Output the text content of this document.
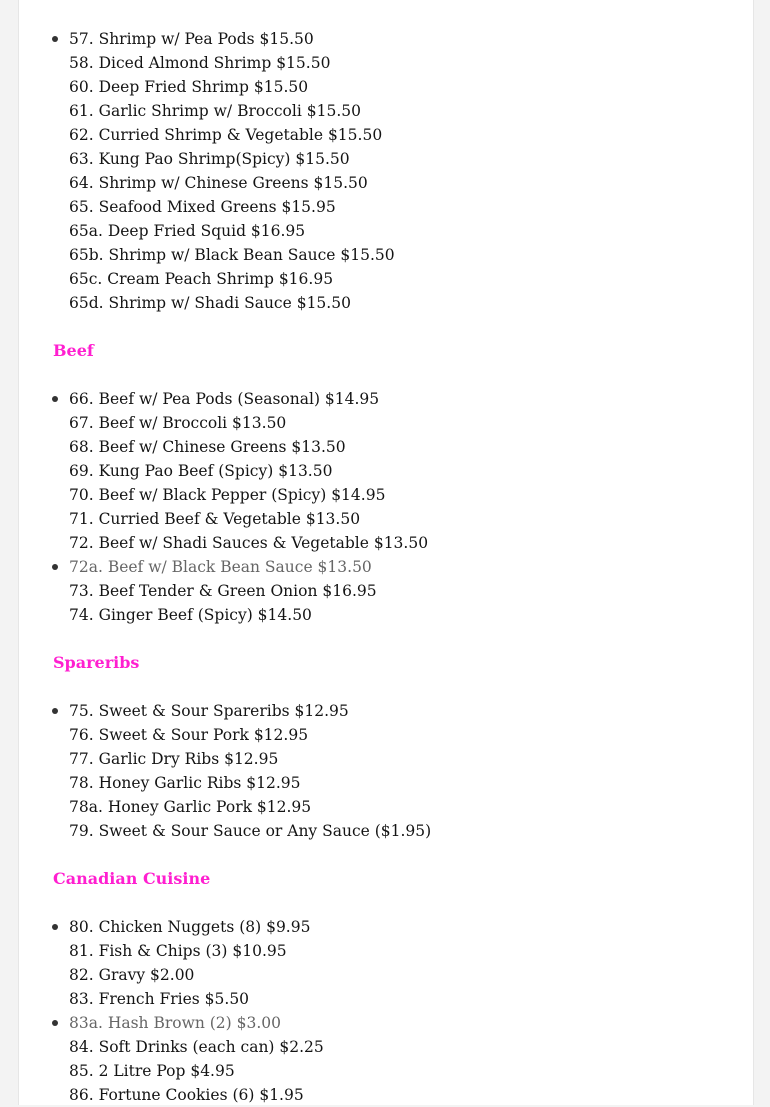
57. Shrimp w/ Pea Pods $15.50
58. Diced Almond Shrimp $15.50
60. Deep Fried Shrimp $15.50
61. Garlic Shrimp w/ Broccoli $15.50
62. Curried Shrimp & Vegetable $15.50
63. Kung Pao Shrimp(Spicy) $15.50
64. Shrimp w/ Chinese Greens $15.50
65. Seafood Mixed Greens $15.95
65a. Deep Fried Squid $16.95
65b. Shrimp w/ Black Bean Sauce $15.50
65c. Cream Peach Shrimp $16.95
65d. Shrimp w/ Shadi Sauce $15.50
Beef
66. Beef w/ Pea Pods (Seasonal) $14.95
67. Beef w/ Broccoli $13.50
68. Beef w/ Chinese Greens $13.50
69. Kung Pao Beef (Spicy) $13.50
70. Beef w/ Black Pepper (Spicy) $14.95
71. Curried Beef & Vegetable $13.50
72. Beef w/ Shadi Sauces & Vegetable $13.50
72a. Beef w/ Black Bean Sauce $13.50
73. Beef Tender & Green Onion $16.95
74. Ginger Beef (Spicy) $14.50
Spareribs
75. Sweet & Sour Spareribs $12.95
76. Sweet & Sour Pork $12.95
77. Garlic Dry Ribs $12.95
78. Honey Garlic Ribs $12.95
78a. Honey Garlic Pork $12.95
79. Sweet & Sour Sauce or Any Sauce ($1.95)
Canadian Cuisine
80. Chicken Nuggets (8) $9.95
81. Fish & Chips (3) $10.95
82. Gravy $2.00
83. French Fries $5.50
83a. Hash Brown (2) $3.00
84. Soft Drinks (each can) $2.25
85. 2 Litre Pop $4.95
86. Fortune Cookies (6) $1.95
